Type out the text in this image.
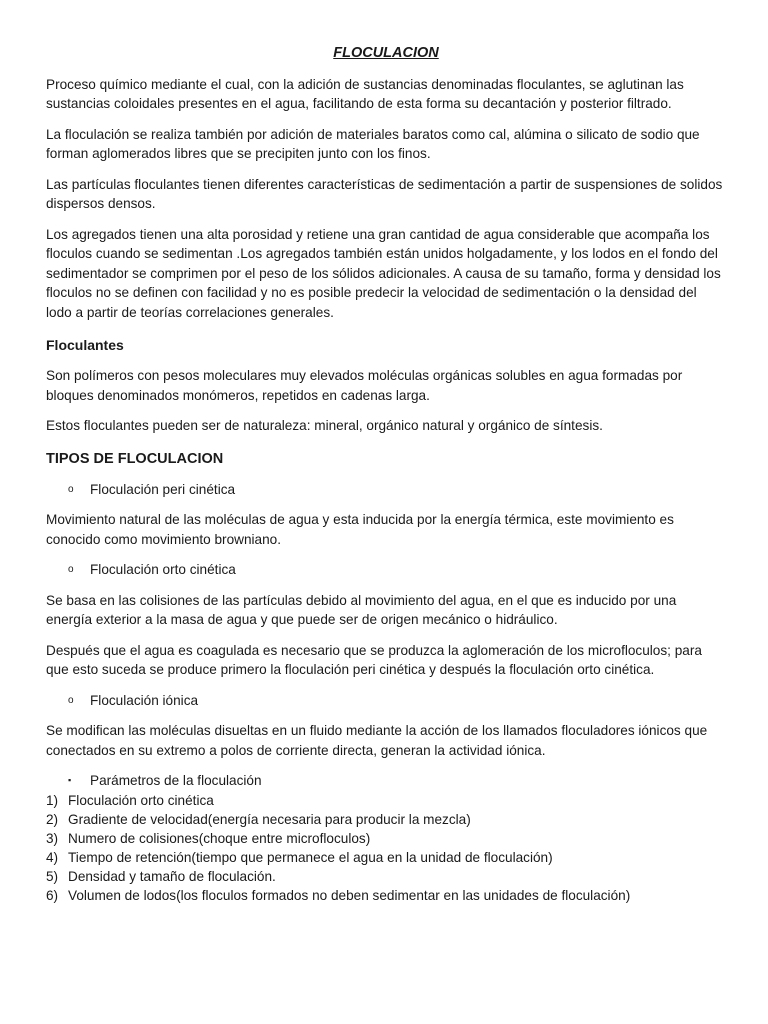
FLOCULACION

Proceso químico mediante el cual, con la adición de sustancias denominadas floculantes, se aglutinan las sustancias coloidales presentes en el agua, facilitando de esta forma su decantación y posterior filtrado.

La floculación se realiza también por adición de materiales baratos como cal, alúmina o silicato de sodio que forman aglomerados libres que se precipiten junto con los finos.

Las partículas floculantes tienen diferentes características de sedimentación a partir de suspensiones de solidos dispersos densos.

Los agregados tienen una alta porosidad y retiene una gran cantidad de agua considerable que acompaña los floculos cuando se sedimentan .Los agregados también están unidos holgadamente, y los lodos en el fondo del sedimentador se comprimen por el peso de los sólidos adicionales. A causa de su tamaño, forma y densidad los floculos no se definen con facilidad y no es posible predecir la velocidad de sedimentación o la densidad del lodo a partir de teorías correlaciones generales.

Floculantes

Son polímeros con pesos moleculares muy elevados moléculas orgánicas solubles en agua formadas por bloques denominados monómeros, repetidos en cadenas larga.

Estos floculantes pueden ser de naturaleza: mineral, orgánico natural y orgánico de síntesis.

TIPOS DE FLOCULACION
o	Floculación peri cinética

Movimiento natural de las moléculas de agua y esta inducida por la energía térmica, este movimiento es conocido como movimiento browniano.

o	Floculación orto cinética

Se basa en las colisiones de las partículas debido al movimiento del agua, en el que es inducido por una energía exterior a la masa de agua y que puede ser de origen mecánico o hidráulico.

Después que el agua es coagulada es necesario que se produzca la aglomeración de los microfloculos; para que esto suceda se produce primero la floculación peri cinética y después la floculación orto cinética.

o	Floculación iónica

Se modifican las moléculas disueltas en un fluido mediante la acción de los llamados floculadores iónicos que conectados en su extremo a polos de corriente directa, generan la actividad iónica.

▪	Parámetros de la floculación
1) Floculación orto cinética
2) Gradiente de velocidad(energía necesaria para producir la mezcla)
3) Numero de colisiones(choque entre microfloculos)
4) Tiempo de retención(tiempo que permanece el agua en la unidad de floculación)
5) Densidad y tamaño de floculación.
6) Volumen de lodos(los floculos formados no deben sedimentar en las unidades de floculación)
